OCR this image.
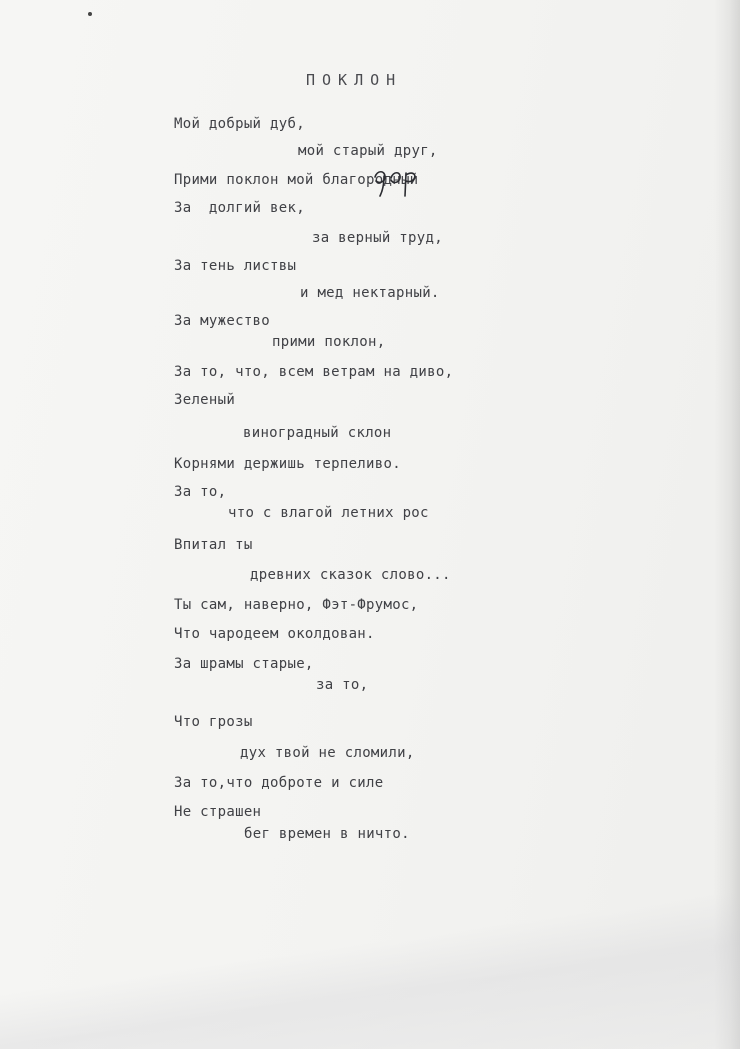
ПОКЛОН
Мой добрый дуб,
мой старый друг,
Прими поклон мой благородный
За  долгий век,
за верный труд,
За тень листвы
и мед нектарный.
За мужество
прими поклон,
За то, что, всем ветрам на диво,
Зеленый
виноградный склон
Корнями держишь терпеливо.
За то,
что с влагой летних рос
Впитал ты
древних сказок слово...
Ты сам, наверно, Фэт-Фрумос,
Что чародеем околдован.
За шрамы старые,
за то,
Что грозы
дух твой не сломили,
За то,что доброте и силе
Не страшен
бег времен в ничто.
